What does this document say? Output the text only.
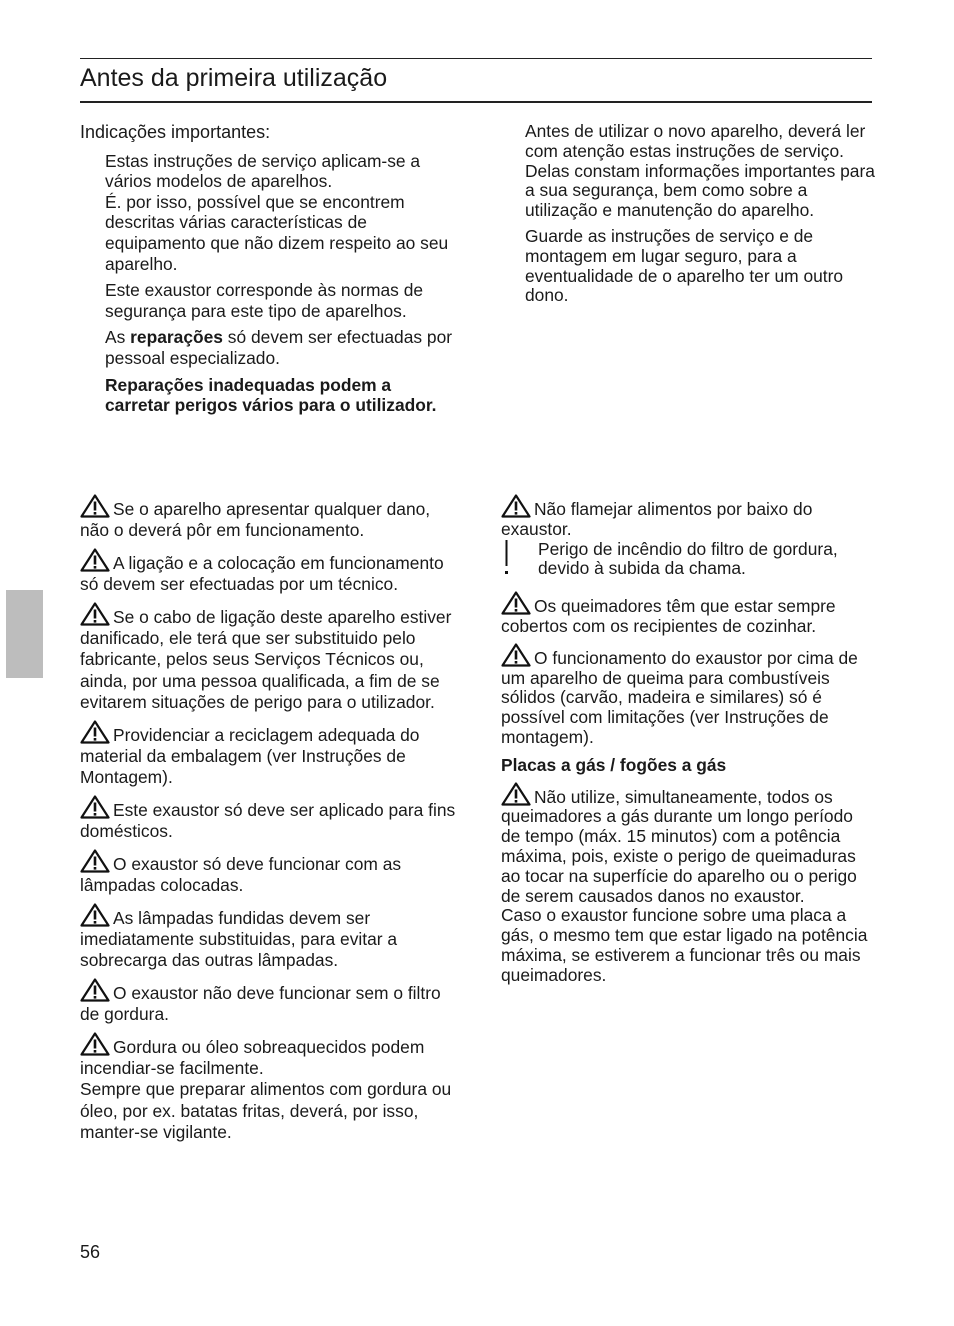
Antes da primeira utilização

Indicações importantes:

Estas instruções de serviço aplicam-se a vários modelos de aparelhos.

É. por isso, possível que se encontrem descritas várias características de equipamento que não dizem respeito ao seu aparelho.

Este exaustor corresponde às normas de segurança para este tipo de aparelhos.

As reparações só devem ser efectuadas por pessoal especializado.

Reparações inadequadas podem a carretar perigos vários para o utilizador.

Antes de utilizar o novo aparelho, deverá ler com atenção estas instruções de serviço.

Delas constam informações importantes para a sua segurança, bem como sobre a utilização e manutenção do aparelho.

Guarde as instruções de serviço e de montagem em lugar seguro, para a eventualidade de o aparelho ter um outro dono.

Se o aparelho apresentar qualquer dano, não o deverá pôr em funcionamento.

A ligação e a colocação em funcionamento só devem ser efectuadas por um técnico.

Se o cabo de ligação deste aparelho estiver danificado, ele terá que ser substituido pelo fabricante, pelos seus Serviços Técnicos ou, ainda, por uma pessoa qualificada, a fim de se evitarem situações de perigo para o utilizador.

Providenciar a reciclagem adequada do material da embalagem (ver Instruções de Montagem).

Este exaustor só deve ser aplicado para fins domésticos.

O exaustor só deve funcionar com as lâmpadas colocadas.

As lâmpadas fundidas devem ser imediatamente substituidas, para evitar a sobrecarga das outras lâmpadas.

O exaustor não deve funcionar sem o filtro de gordura.

Gordura ou óleo sobreaquecidos podem incendiar-se facilmente.

Sempre que preparar alimentos com gordura ou óleo, por ex. batatas fritas, deverá, por isso, manter-se vigilante.

Não flamejar alimentos por baixo do exaustor.

Perigo de incêndio do filtro de gordura, devido à subida da chama.

Os queimadores têm que estar sempre cobertos com os recipientes de cozinhar.

O funcionamento do exaustor por cima de um aparelho de queima para combustíveis sólidos (carvão, madeira e similares) só é possível com limitações (ver Instruções de montagem).

Placas a gás / fogões a gás

Não utilize, simultaneamente, todos os queimadores a gás durante um longo período de tempo (máx. 15 minutos) com a potência máxima, pois, existe o perigo de queimaduras ao tocar na superfície do aparelho ou o perigo de serem causados danos no exaustor.

Caso o exaustor funcione sobre uma placa a gás, o mesmo tem que estar ligado na potência máxima, se estiverem a funcionar três ou mais queimadores.

56
